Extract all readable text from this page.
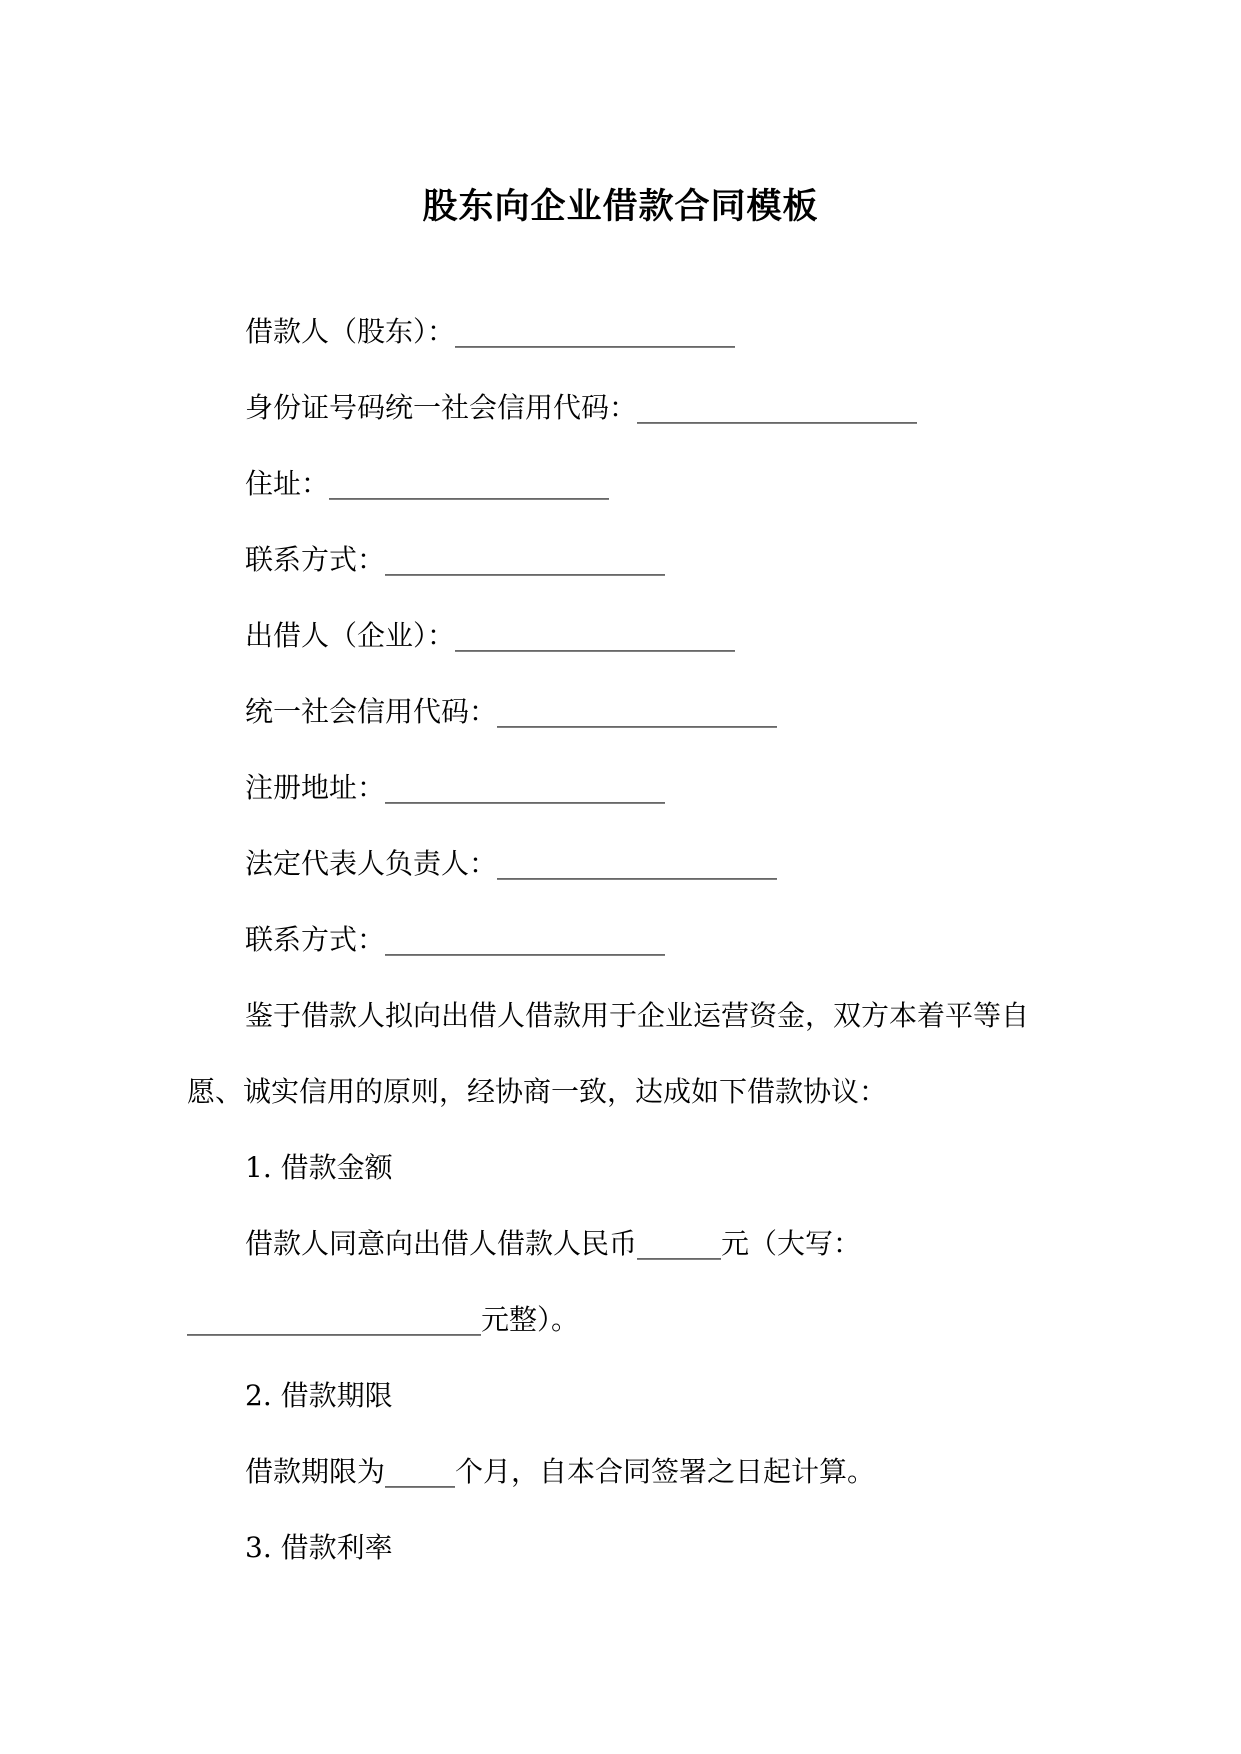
股东向企业借款合同模板
借款人（股东）：____________________
身份证号码统一社会信用代码：____________________
住址：____________________
联系方式：____________________
出借人（企业）：____________________
统一社会信用代码：____________________
注册地址：____________________
法定代表人负责人：____________________
联系方式：____________________
鉴于借款人拟向出借人借款用于企业运营资金，双方本着平等自
愿、诚实信用的原则，经协商一致，达成如下借款协议：
1. 借款金额
借款人同意向出借人借款人民币______元（大写：
_____________________元整）。
2. 借款期限
借款期限为_____个月，自本合同签署之日起计算。
3. 借款利率
